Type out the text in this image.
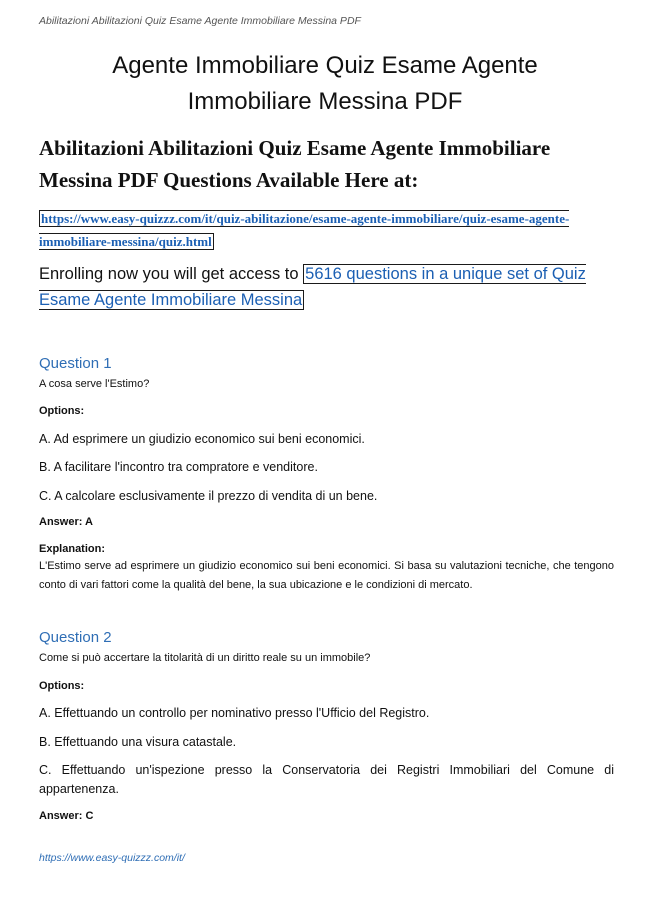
Abilitazioni Abilitazioni Quiz Esame Agente Immobiliare Messina PDF
Agente Immobiliare Quiz Esame Agente Immobiliare Messina PDF
Abilitazioni Abilitazioni Quiz Esame Agente Immobiliare Messina PDF Questions Available Here at:
https://www.easy-quizzz.com/it/quiz-abilitazione/esame-agente-immobiliare/quiz-esame-agente-immobiliare-messina/quiz.html
Enrolling now you will get access to 5616 questions in a unique set of Quiz Esame Agente Immobiliare Messina
Question 1
A cosa serve l'Estimo?
Options:
A. Ad esprimere un giudizio economico sui beni economici.
B. A facilitare l'incontro tra compratore e venditore.
C. A calcolare esclusivamente il prezzo di vendita di un bene.
Answer: A
Explanation:
L'Estimo serve ad esprimere un giudizio economico sui beni economici. Si basa su valutazioni tecniche, che tengono conto di vari fattori come la qualità del bene, la sua ubicazione e le condizioni di mercato.
Question 2
Come si può accertare la titolarità di un diritto reale su un immobile?
Options:
A. Effettuando un controllo per nominativo presso l'Ufficio del Registro.
B. Effettuando una visura catastale.
C. Effettuando un'ispezione presso la Conservatoria dei Registri Immobiliari del Comune di appartenenza.
Answer: C
https://www.easy-quizzz.com/it/
